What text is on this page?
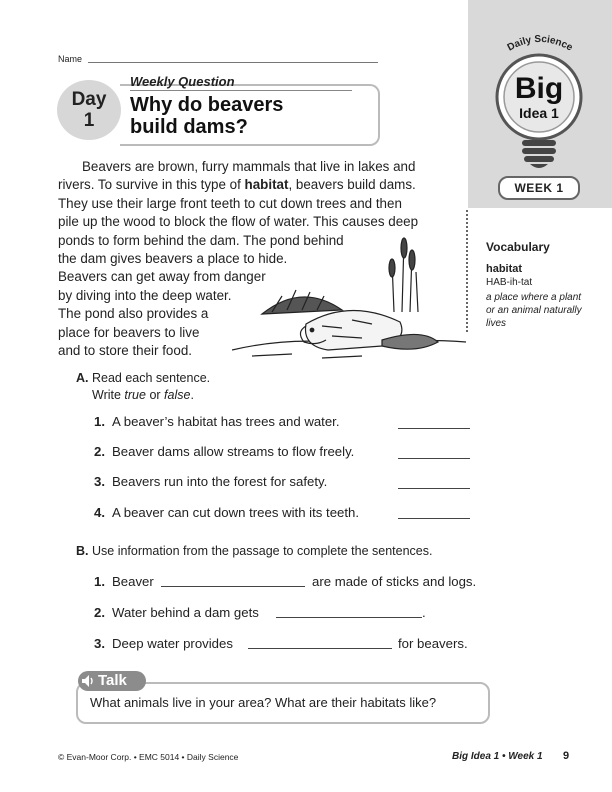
Daily Science
Big
Idea 1
WEEK 1
Name
Day
1
Weekly Question
Why do beavers
build dams?
Beavers are brown, furry mammals that live in lakes and
rivers. To survive in this type of habitat, beavers build dams.
They use their large front teeth to cut down trees and then
pile up the wood to block the flow of water. This causes deep
ponds to form behind the dam. The pond behind
the dam gives beavers a place to hide.
Beavers can get away from danger
by diving into the deep water.
The pond also provides a
place for beavers to live
and to store their food.
Vocabulary
habitat
HAB-ih-tat
a place where a plant or an animal naturally lives
A. Read each sentence.
Write true or false.
1. A beaver’s habitat has trees and water.
2. Beaver dams allow streams to flow freely.
3. Beavers run into the forest for safety.
4. A beaver can cut down trees with its teeth.
B. Use information from the passage to complete the sentences.
1. Beaver	are made of sticks and logs.
2. Water behind a dam gets	.
3. Deep water provides	for beavers.
Talk
What animals live in your area? What are their habitats like?
© Evan-Moor Corp. • EMC 5014 • Daily Science	Big Idea 1 • Week 1 9
